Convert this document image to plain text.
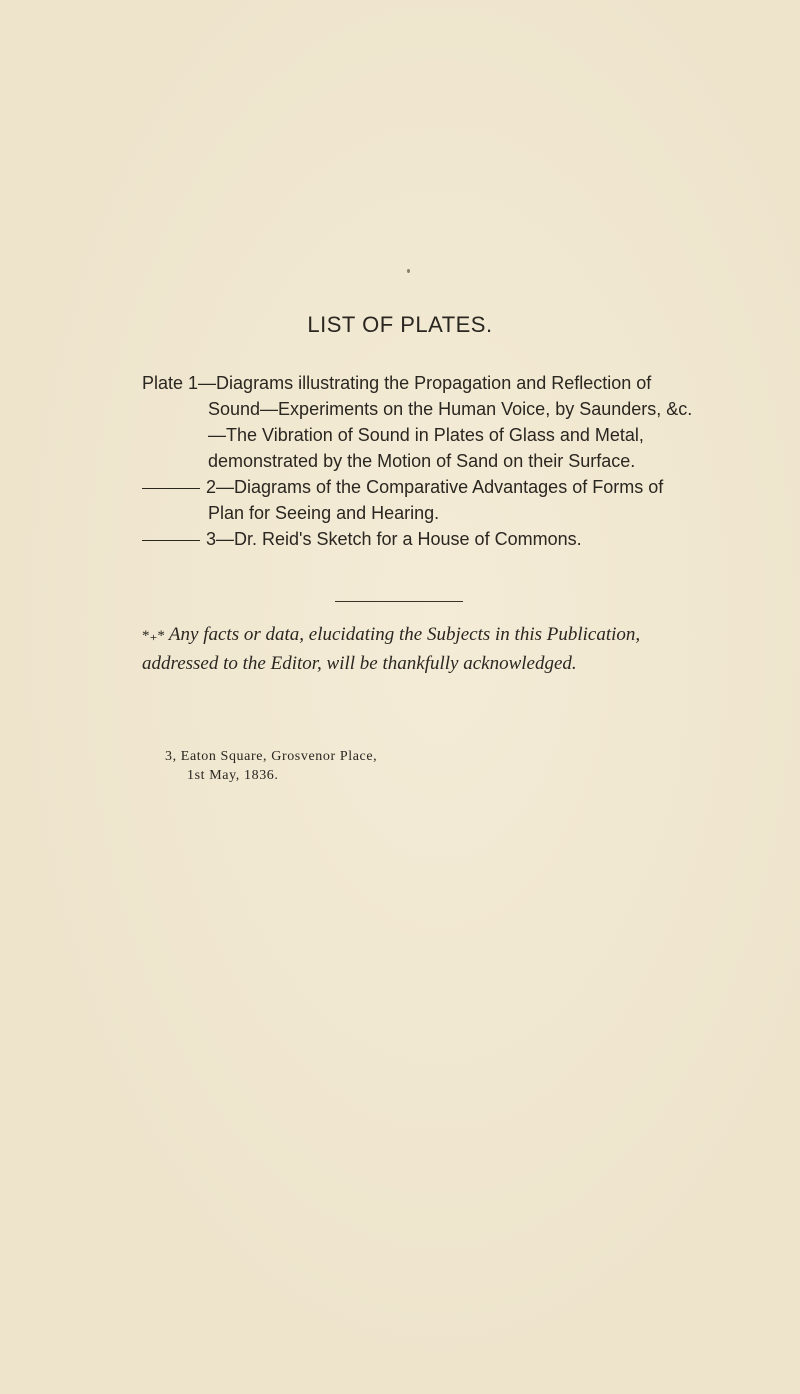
LIST OF PLATES.

Plate 1—Diagrams illustrating the Propagation and Reflection of Sound—Experiments on the Human Voice, by Saunders, &c.—The Vibration of Sound in Plates of Glass and Metal, demonstrated by the Motion of Sand on their Surface.

2—Diagrams of the Comparative Advantages of Forms of Plan for Seeing and Hearing.

3—Dr. Reid's Sketch for a House of Commons.

*₊* Any facts or data, elucidating the Subjects in this Publication, addressed to the Editor, will be thankfully acknowledged.
3, Eaton Square, Grosvenor Place,
1st May, 1836.
